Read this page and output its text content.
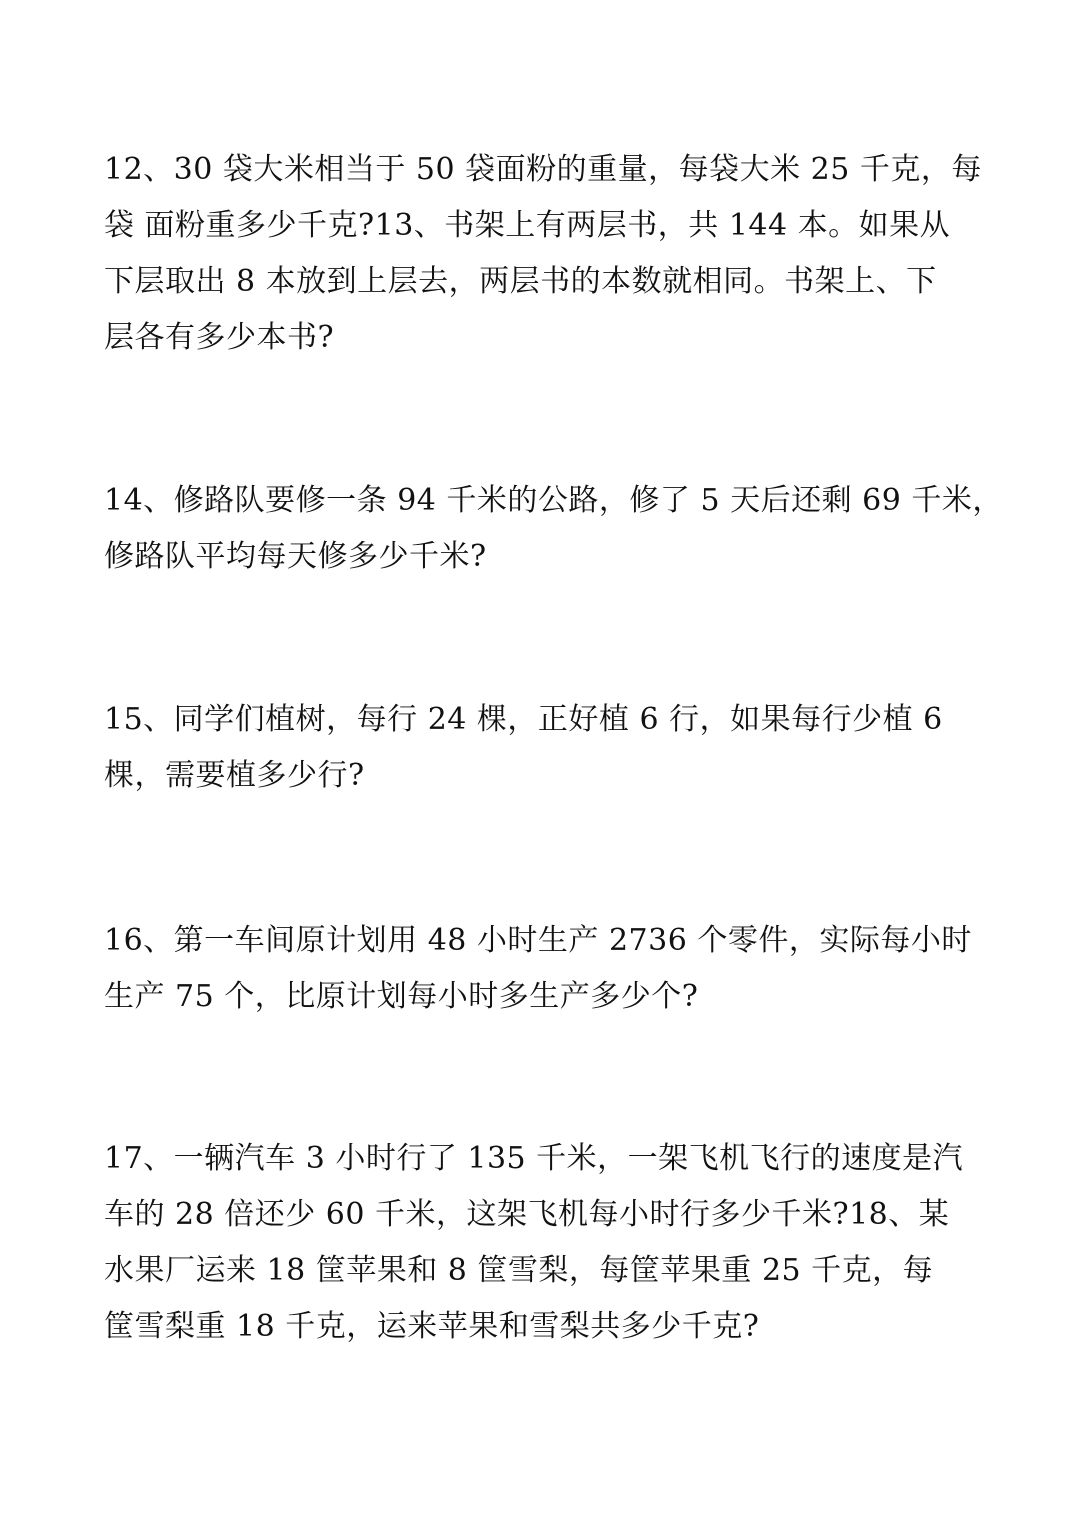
12、30 袋大米相当于 50 袋面粉的重量，每袋大米 25 千克，每
袋 面粉重多少千克?13、书架上有两层书，共 144 本。如果从
下层取出 8 本放到上层去，两层书的本数就相同。书架上、下
层各有多少本书?
14、修路队要修一条 94 千米的公路，修了 5 天后还剩 69 千米，
修路队平均每天修多少千米?
15、同学们植树，每行 24 棵，正好植 6 行，如果每行少植 6
棵，需要植多少行?
16、第一车间原计划用 48 小时生产 2736 个零件，实际每小时
生产 75 个，比原计划每小时多生产多少个?
17、一辆汽车 3 小时行了 135 千米，一架飞机飞行的速度是汽
车的 28 倍还少 60 千米，这架飞机每小时行多少千米?18、某
水果厂运来 18 筐苹果和 8 筐雪梨，每筐苹果重 25 千克，每
筐雪梨重 18 千克，运来苹果和雪梨共多少千克?
